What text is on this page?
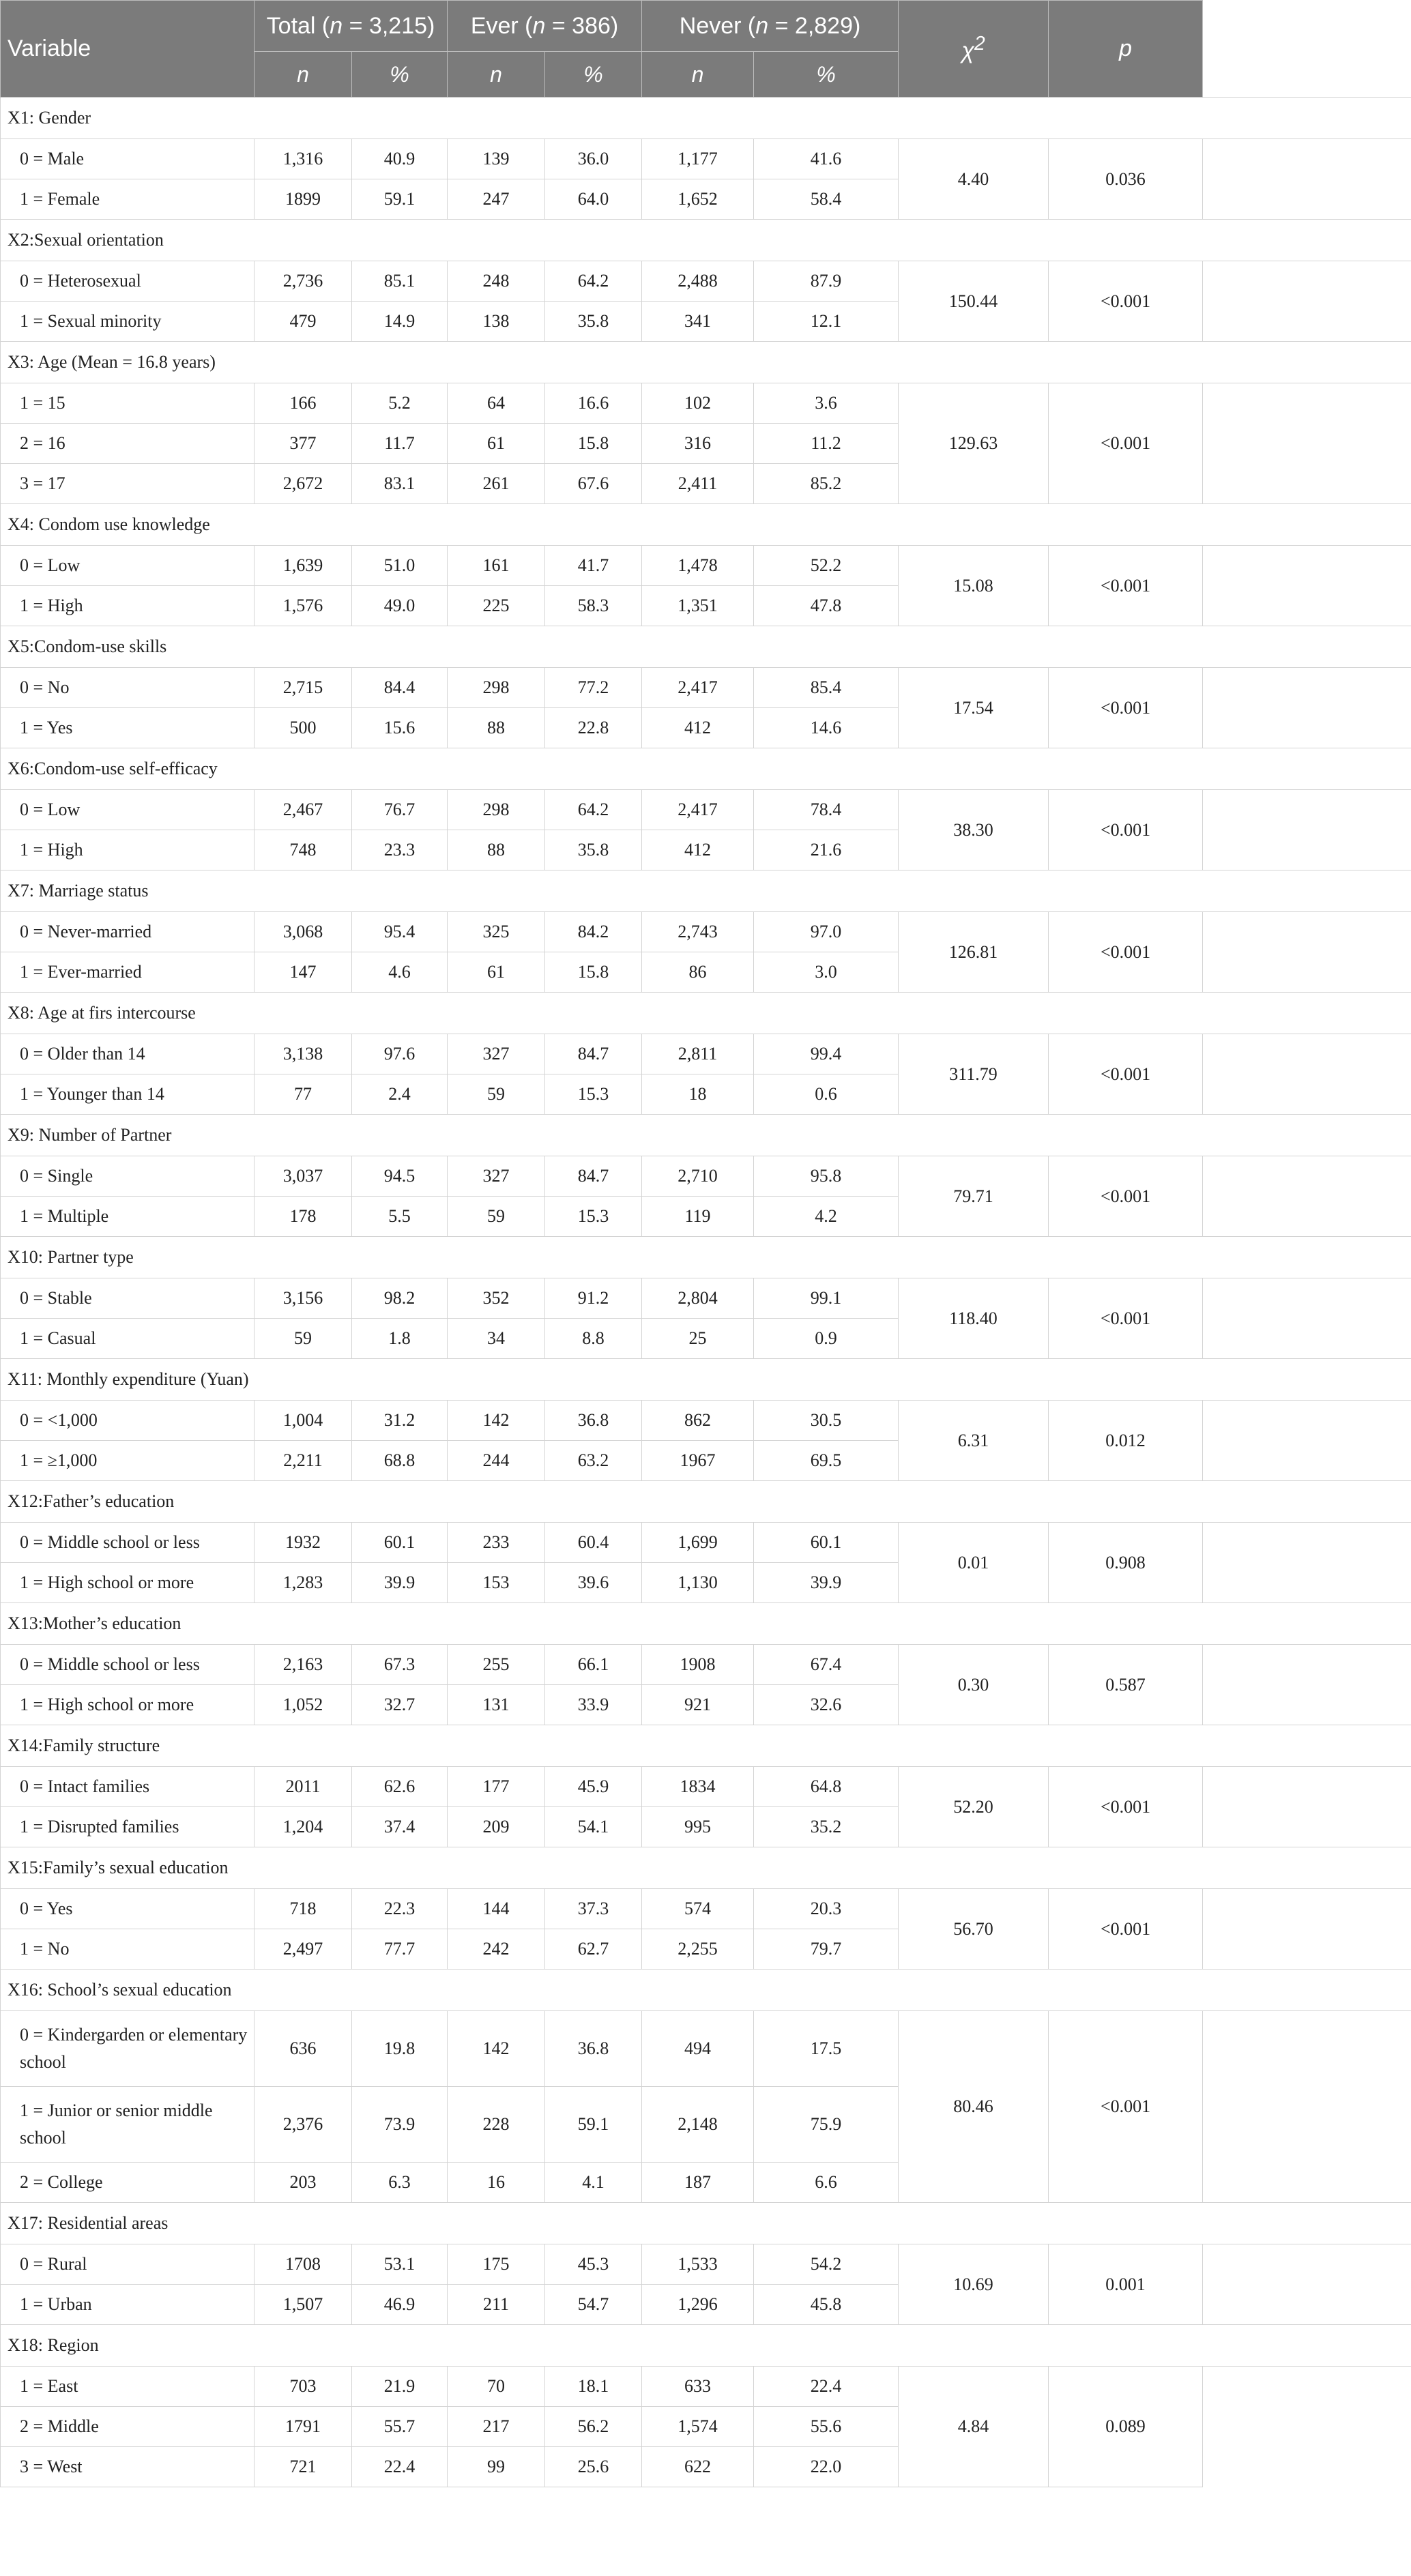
Variable	Total (n = 3,215)		Ever (n = 386)		Never (n = 2,829)		$\chi^2$	p
	n	%	n	%	n	%		
X1: Gender								
0 = Male	1,316	40.9	139	36.0	1,177	41.6	4.40	0.036
1 = Female	1899	59.1	247	64.0	1,652	58.4		
X2:Sexual orientation								
0 = Heterosexual	2,736	85.1	248	64.2	2,488	87.9	150.44	<0.001
1 = Sexual minority	479	14.9	138	35.8	341	12.1		
X3: Age (Mean = 16.8 years)								
1 = 15	166	5.2	64	16.6	102	3.6	129.63	<0.001
2 = 16	377	11.7	61	15.8	316	11.2		
3 = 17	2,672	83.1	261	67.6	2,411	85.2		
X4: Condom use knowledge								
0 = Low	1,639	51.0	161	41.7	1,478	52.2	15.08	<0.001
1 = High	1,576	49.0	225	58.3	1,351	47.8		
X5:Condom-use skills								
0 = No	2,715	84.4	298	77.2	2,417	85.4	17.54	<0.001
1 = Yes	500	15.6	88	22.8	412	14.6		
X6:Condom-use self-efficacy								
0 = Low	2,467	76.7	298	64.2	2,417	78.4	38.30	<0.001
1 = High	748	23.3	88	35.8	412	21.6		
X7: Marriage status								
0 = Never-married	3,068	95.4	325	84.2	2,743	97.0	126.81	<0.001
1 = Ever-married	147	4.6	61	15.8	86	3.0		
X8: Age at firs intercourse								
0 = Older than 14	3,138	97.6	327	84.7	2,811	99.4	311.79	<0.001
1 = Younger than 14	77	2.4	59	15.3	18	0.6		
X9: Number of Partner								
0 = Single	3,037	94.5	327	84.7	2,710	95.8	79.71	<0.001
1 = Multiple	178	5.5	59	15.3	119	4.2		
X10: Partner type								
0 = Stable	3,156	98.2	352	91.2	2,804	99.1	118.40	<0.001
1 = Casual	59	1.8	34	8.8	25	0.9		
X11: Monthly expenditure (Yuan)								
0 = <1,000	1,004	31.2	142	36.8	862	30.5	6.31	0.012
1 = ≥1,000	2,211	68.8	244	63.2	1967	69.5		
X12:Father’s education								
0 = Middle school or less	1932	60.1	233	60.4	1,699	60.1	0.01	0.908
1 = High school or more	1,283	39.9	153	39.6	1,130	39.9		
X13:Mother’s education								
0 = Middle school or less	2,163	67.3	255	66.1	1908	67.4	0.30	0.587
1 = High school or more	1,052	32.7	131	33.9	921	32.6		
X14:Family structure								
0 = Intact families	2011	62.6	177	45.9	1834	64.8	52.20	<0.001
1 = Disrupted families	1,204	37.4	209	54.1	995	35.2		
X15:Family’s sexual education								
0 = Yes	718	22.3	144	37.3	574	20.3	56.70	<0.001
1 = No	2,497	77.7	242	62.7	2,255	79.7		
X16: School’s sexual education								
0 = Kindergarden or elementary school	636	19.8	142	36.8	494	17.5	80.46	<0.001
1 = Junior or senior middle school	2,376	73.9	228	59.1	2,148	75.9		
2 = College	203	6.3	16	4.1	187	6.6		
X17: Residential areas								
0 = Rural	1708	53.1	175	45.3	1,533	54.2	10.69	0.001
1 = Urban	1,507	46.9	211	54.7	1,296	45.8		
X18: Region								
1 = East	703	21.9	70	18.1	633	22.4	4.84	0.089
2 = Middle	1791	55.7	217	56.2	1,574	55.6		
3 = West	721	22.4	99	25.6	622	22.0		
